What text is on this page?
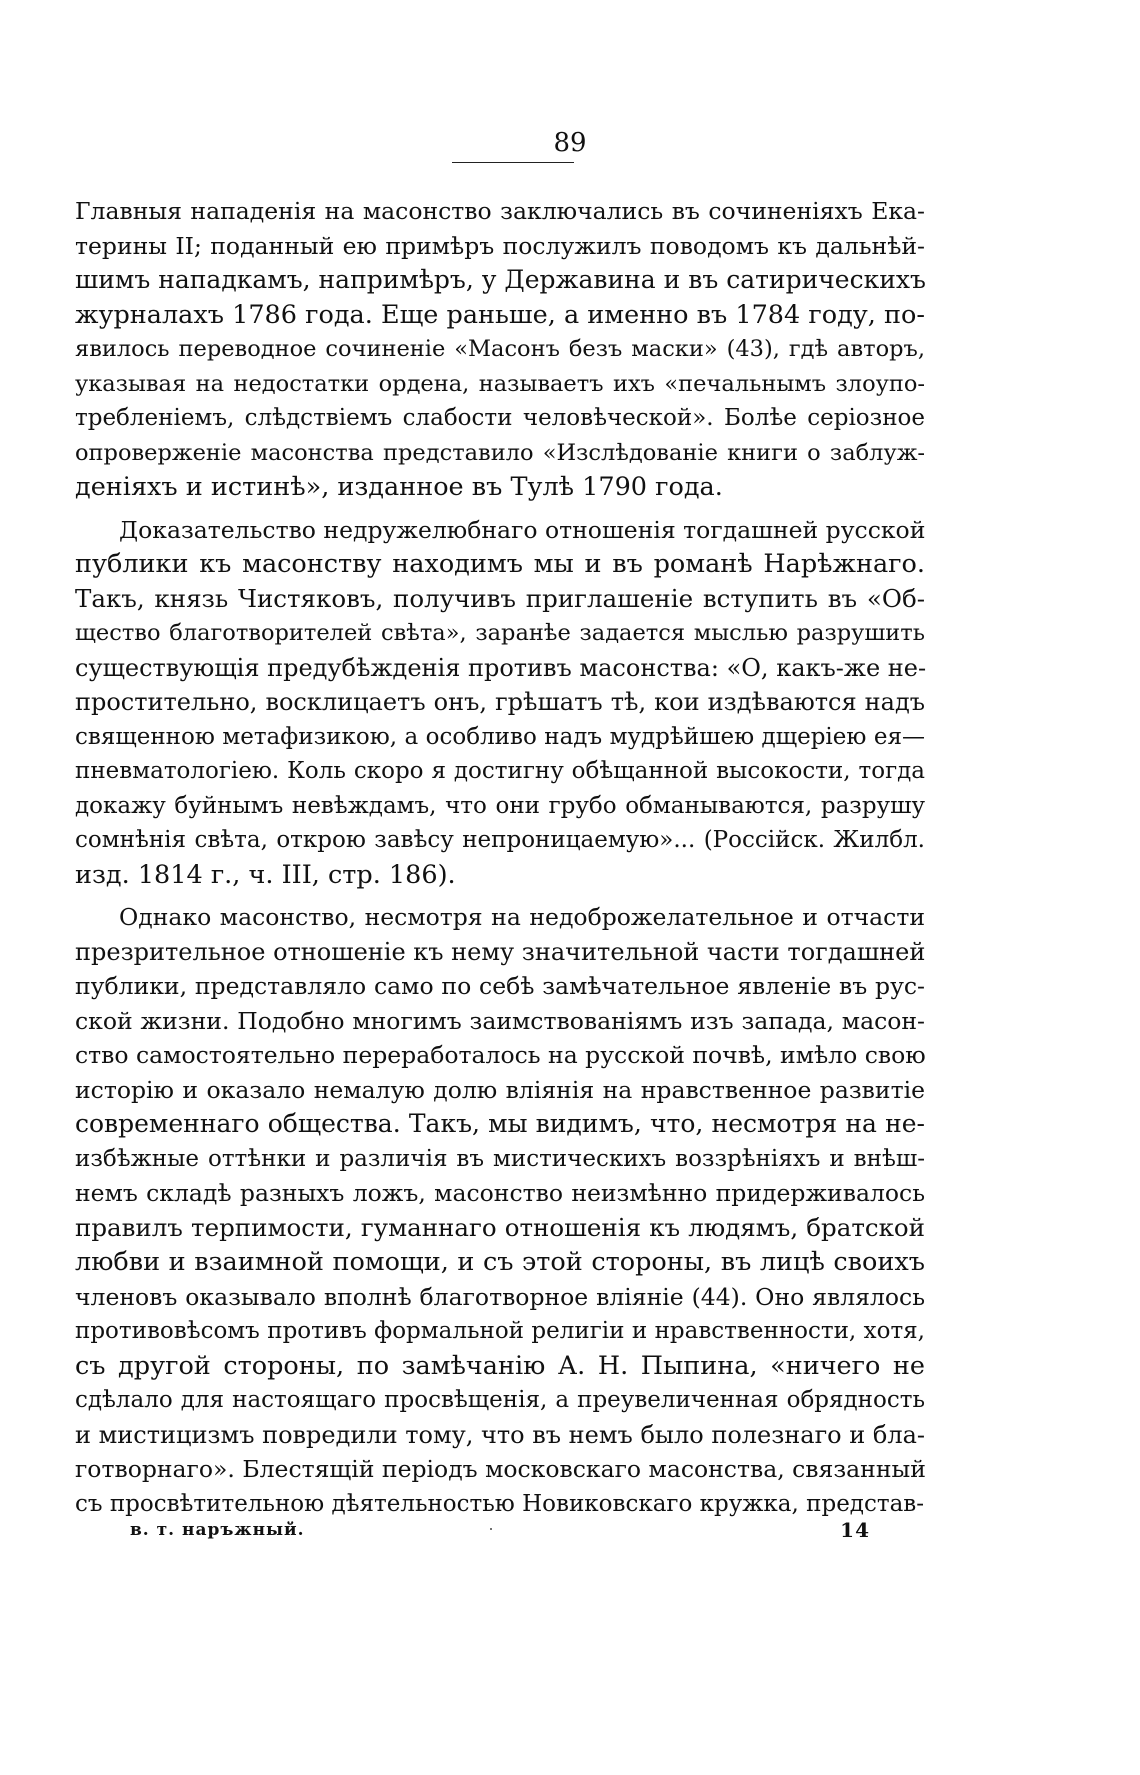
89
Главныя нападенія на масонство заключались въ сочиненіяхъ Ека-
терины II; поданный ею примѣръ послужилъ поводомъ къ дальнѣй-
шимъ нападкамъ, напримѣръ, у Державина и въ сатирическихъ
журналахъ 1786 года. Еще раньше, а именно въ 1784 году, по-
явилось переводное сочиненіе «Масонъ безъ маски» (43), гдѣ авторъ,
указывая на недостатки ордена, называетъ ихъ «печальнымъ злоупо-
требленіемъ, слѣдствіемъ слабости человѣческой». Болѣе серіозное
опроверженіе масонства представило «Изслѣдованіе книги о заблуж-
деніяхъ и истинѣ», изданное въ Тулѣ 1790 года.
Доказательство недружелюбнаго отношенія тогдашней русской
публики къ масонству находимъ мы и въ романѣ Нарѣжнаго.
Такъ, князь Чистяковъ, получивъ приглашеніе вступить въ «Об-
щество благотворителей свѣта», заранѣе задается мыслью разрушить
существующія предубѣжденія противъ масонства: «О, какъ-же не-
простительно, восклицаетъ онъ, грѣшатъ тѣ, кои издѣваются надъ
священною метафизикою, а особливо надъ мудрѣйшею дщеріею ея—
пневматологіею. Коль скоро я достигну обѣщанной высокости, тогда
докажу буйнымъ невѣждамъ, что они грубо обманываются, разрушу
сомнѣнія свѣта, открою завѣсу непроницаемую»... (Россійск. Жилбл.
изд. 1814 г., ч. III, стр. 186).
Однако масонство, несмотря на недоброжелательное и отчасти
презрительное отношеніе къ нему значительной части тогдашней
публики, представляло само по себѣ замѣчательное явленіе въ рус-
ской жизни. Подобно многимъ заимствованіямъ изъ запада, масон-
ство самостоятельно переработалось на русской почвѣ, имѣло свою
исторію и оказало немалую долю вліянія на нравственное развитіе
современнаго общества. Такъ, мы видимъ, что, несмотря на не-
избѣжные оттѣнки и различія въ мистическихъ воззрѣніяхъ и внѣш-
немъ складѣ разныхъ ложъ, масонство неизмѣнно придерживалось
правилъ терпимости, гуманнаго отношенія къ людямъ, братской
любви и взаимной помощи, и съ этой стороны, въ лицѣ своихъ
членовъ оказывало вполнѣ благотворное вліяніе (44). Оно являлось
противовѣсомъ противъ формальной религіи и нравственности, хотя,
съ другой стороны, по замѣчанію А. Н. Пыпина, «ничего не
сдѣлало для настоящаго просвѣщенія, а преувеличенная обрядность
и мистицизмъ повредили тому, что въ немъ было полезнаго и бла-
готворнаго». Блестящій періодъ московскаго масонства, связанный
съ просвѣтительною дѣятельностью Новиковскаго кружка, представ-
в. т. наръжный.	14
